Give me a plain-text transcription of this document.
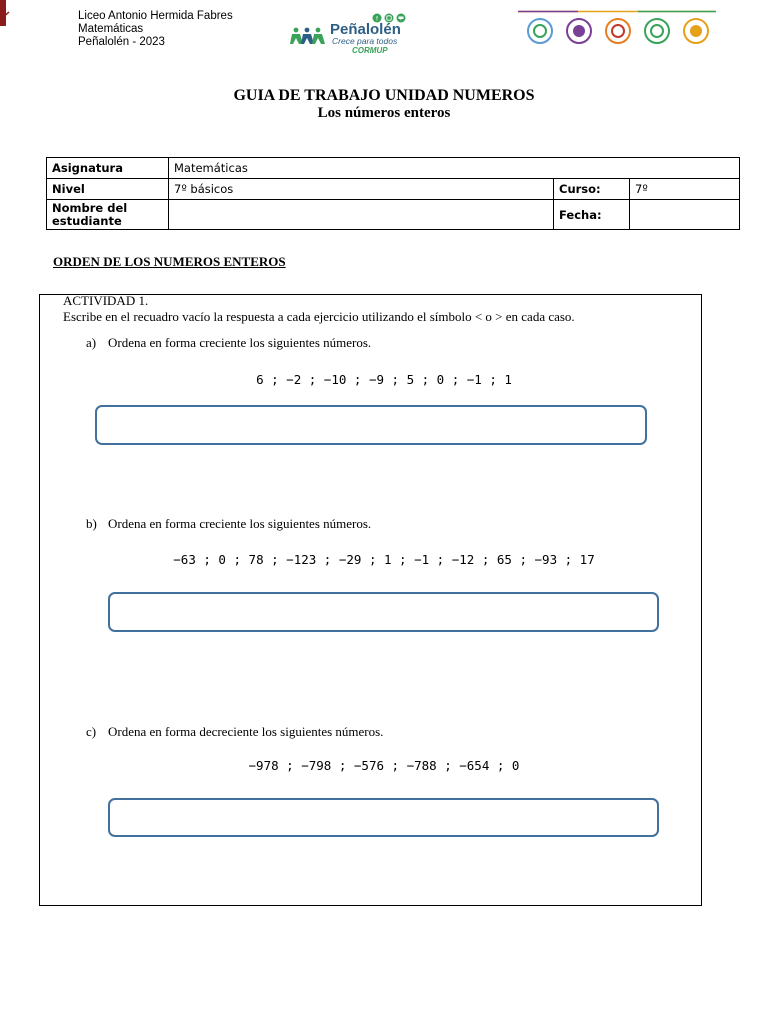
Liceo Antonio Hermida Fabres
Matemáticas
Peñalolén - 2023
f
Peñalolén
Crece para todos
CORMUP
GUIA DE TRABAJO UNIDAD NUMEROS
Los números enteros
Asignatura	Matemáticas		
Nivel	7º básicos	Curso:	7º
Nombre del estudiante		Fecha:	
ORDEN DE LOS NUMEROS ENTEROS
ACTIVIDAD 1.
Escribe en el recuadro vacío la respuesta a cada ejercicio utilizando el símbolo < o > en cada caso.
a) Ordena en forma creciente los siguientes números.
6 ; −2 ; −10 ; −9 ; 5 ; 0 ; −1 ; 1
b) Ordena en forma creciente los siguientes números.
−63 ; 0 ; 78 ; −123 ; −29 ; 1 ; −1 ; −12 ; 65 ; −93 ; 17
c) Ordena en forma decreciente los siguientes números.
−978 ; −798 ; −576 ; −788 ; −654 ; 0
